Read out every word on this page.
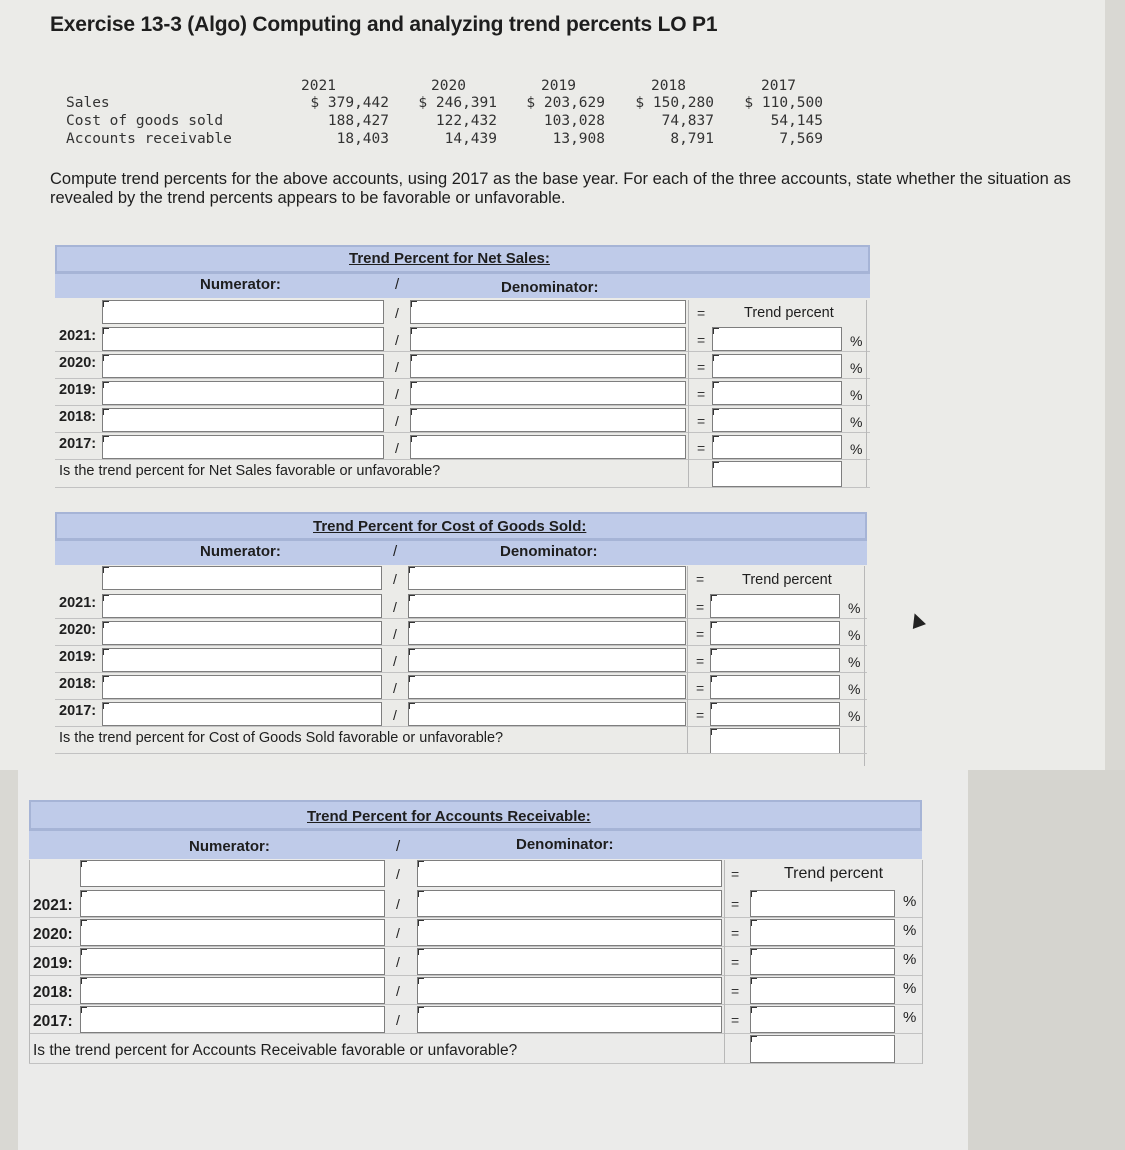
Exercise 13-3 (Algo) Computing and analyzing trend percents LO P1
2021	2020	2019	2018	2017
Sales	$ 379,442	$ 246,391	$ 203,629	$ 150,280	$ 110,500
Cost of goods sold	188,427	122,432	103,028	74,837	54,145
Accounts receivable	18,403	14,439	13,908	8,791	7,569
Compute trend percents for the above accounts, using 2017 as the base year. For each of the three accounts, state whether the situation as revealed by the trend percents appears to be favorable or unfavorable.
Trend Percent for Net Sales:
Numerator:	/	Denominator:
/	=	Trend percent
2021:	/	=	%
2020:	/	=	%
2019:	/	=	%
2018:	/	=	%
2017:	/	=	%
Is the trend percent for Net Sales favorable or unfavorable?
Trend Percent for Cost of Goods Sold:
Numerator:	/	Denominator:
/	=	Trend percent
2021:	/	=	%
2020:	/	=	%
2019:	/	=	%
2018:	/	=	%
2017:	/	=	%
Is the trend percent for Cost of Goods Sold favorable or unfavorable?
Trend Percent for Accounts Receivable:
Numerator:	/	Denominator:
/	=	Trend percent
2021:	/	=	%
2020:	/	=	%
2019:	/	=	%
2018:	/	=	%
2017:	/	=	%
Is the trend percent for Accounts Receivable favorable or unfavorable?
